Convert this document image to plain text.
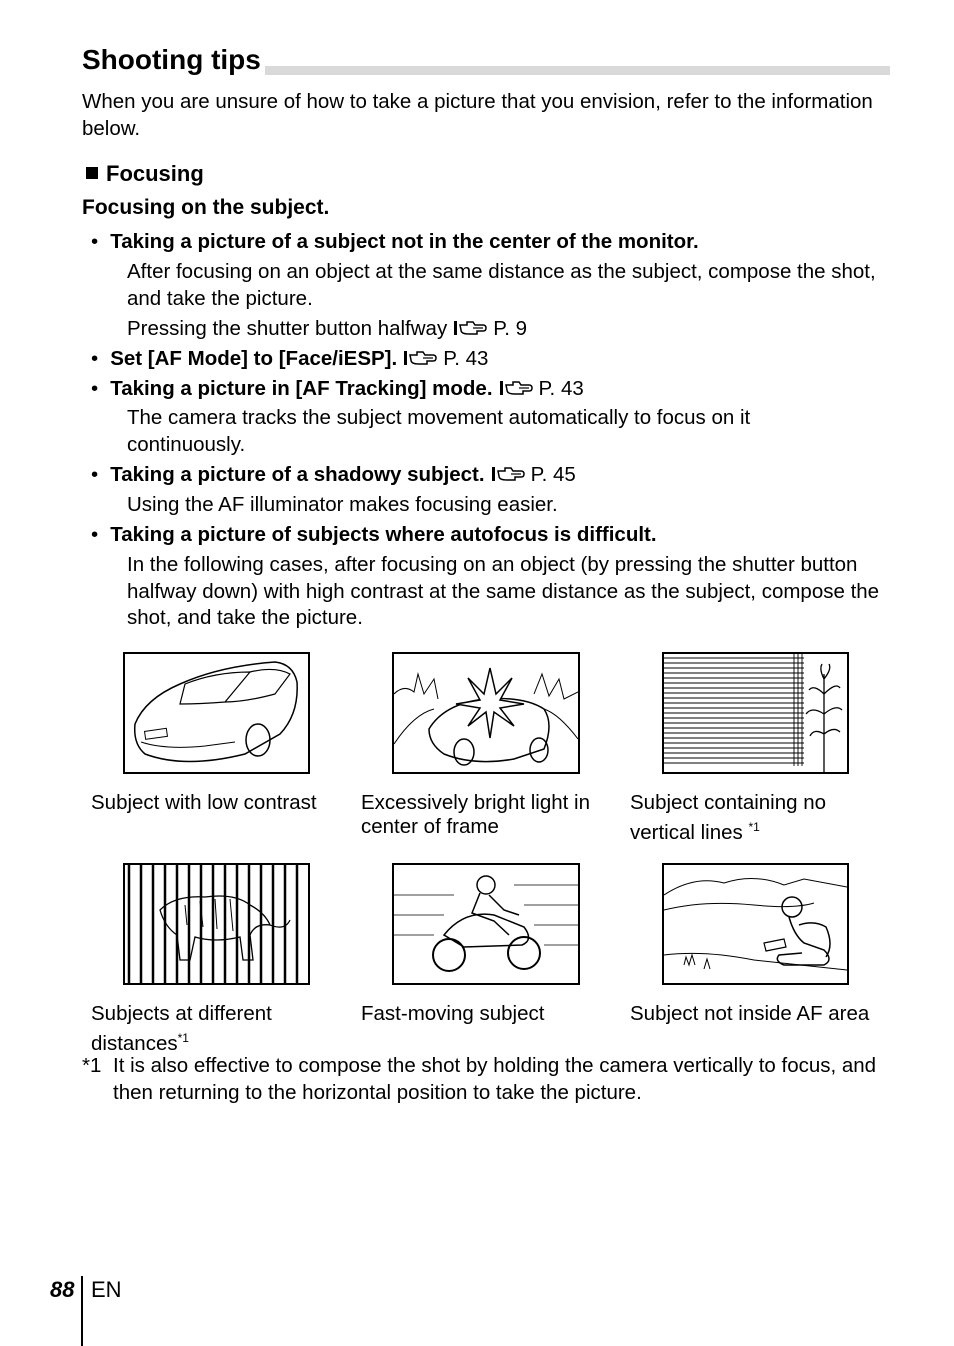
Shooting tips
When you are unsure of how to take a picture that you envision, refer to the information below.
Focusing
Focusing on the subject.
• Taking a picture of a subject not in the center of the monitor.
After focusing on an object at the same distance as the subject, compose the shot, and take the picture.
Pressing the shutter button halfway P. 9
• Set [AF Mode] to [Face/iESP]. P. 43
• Taking a picture in [AF Tracking] mode. P. 43
The camera tracks the subject movement automatically to focus on it continuously.
• Taking a picture of a shadowy subject. P. 45
Using the AF illuminator makes focusing easier.
• Taking a picture of subjects where autofocus is difficult.
In the following cases, after focusing on an object (by pressing the shutter button halfway down) with high contrast at the same distance as the subject, compose the shot, and take the picture.
Subject with low contrast	Excessively bright light in center of frame
Subject containing no vertical lines $^{*1}$
Subjects at different distances$^{*1}$
Fast-moving subject	Subject not inside AF area
*1 It is also effective to compose the shot by holding the camera vertically to focus, and then returning to the horizontal position to take the picture.
88 EN
